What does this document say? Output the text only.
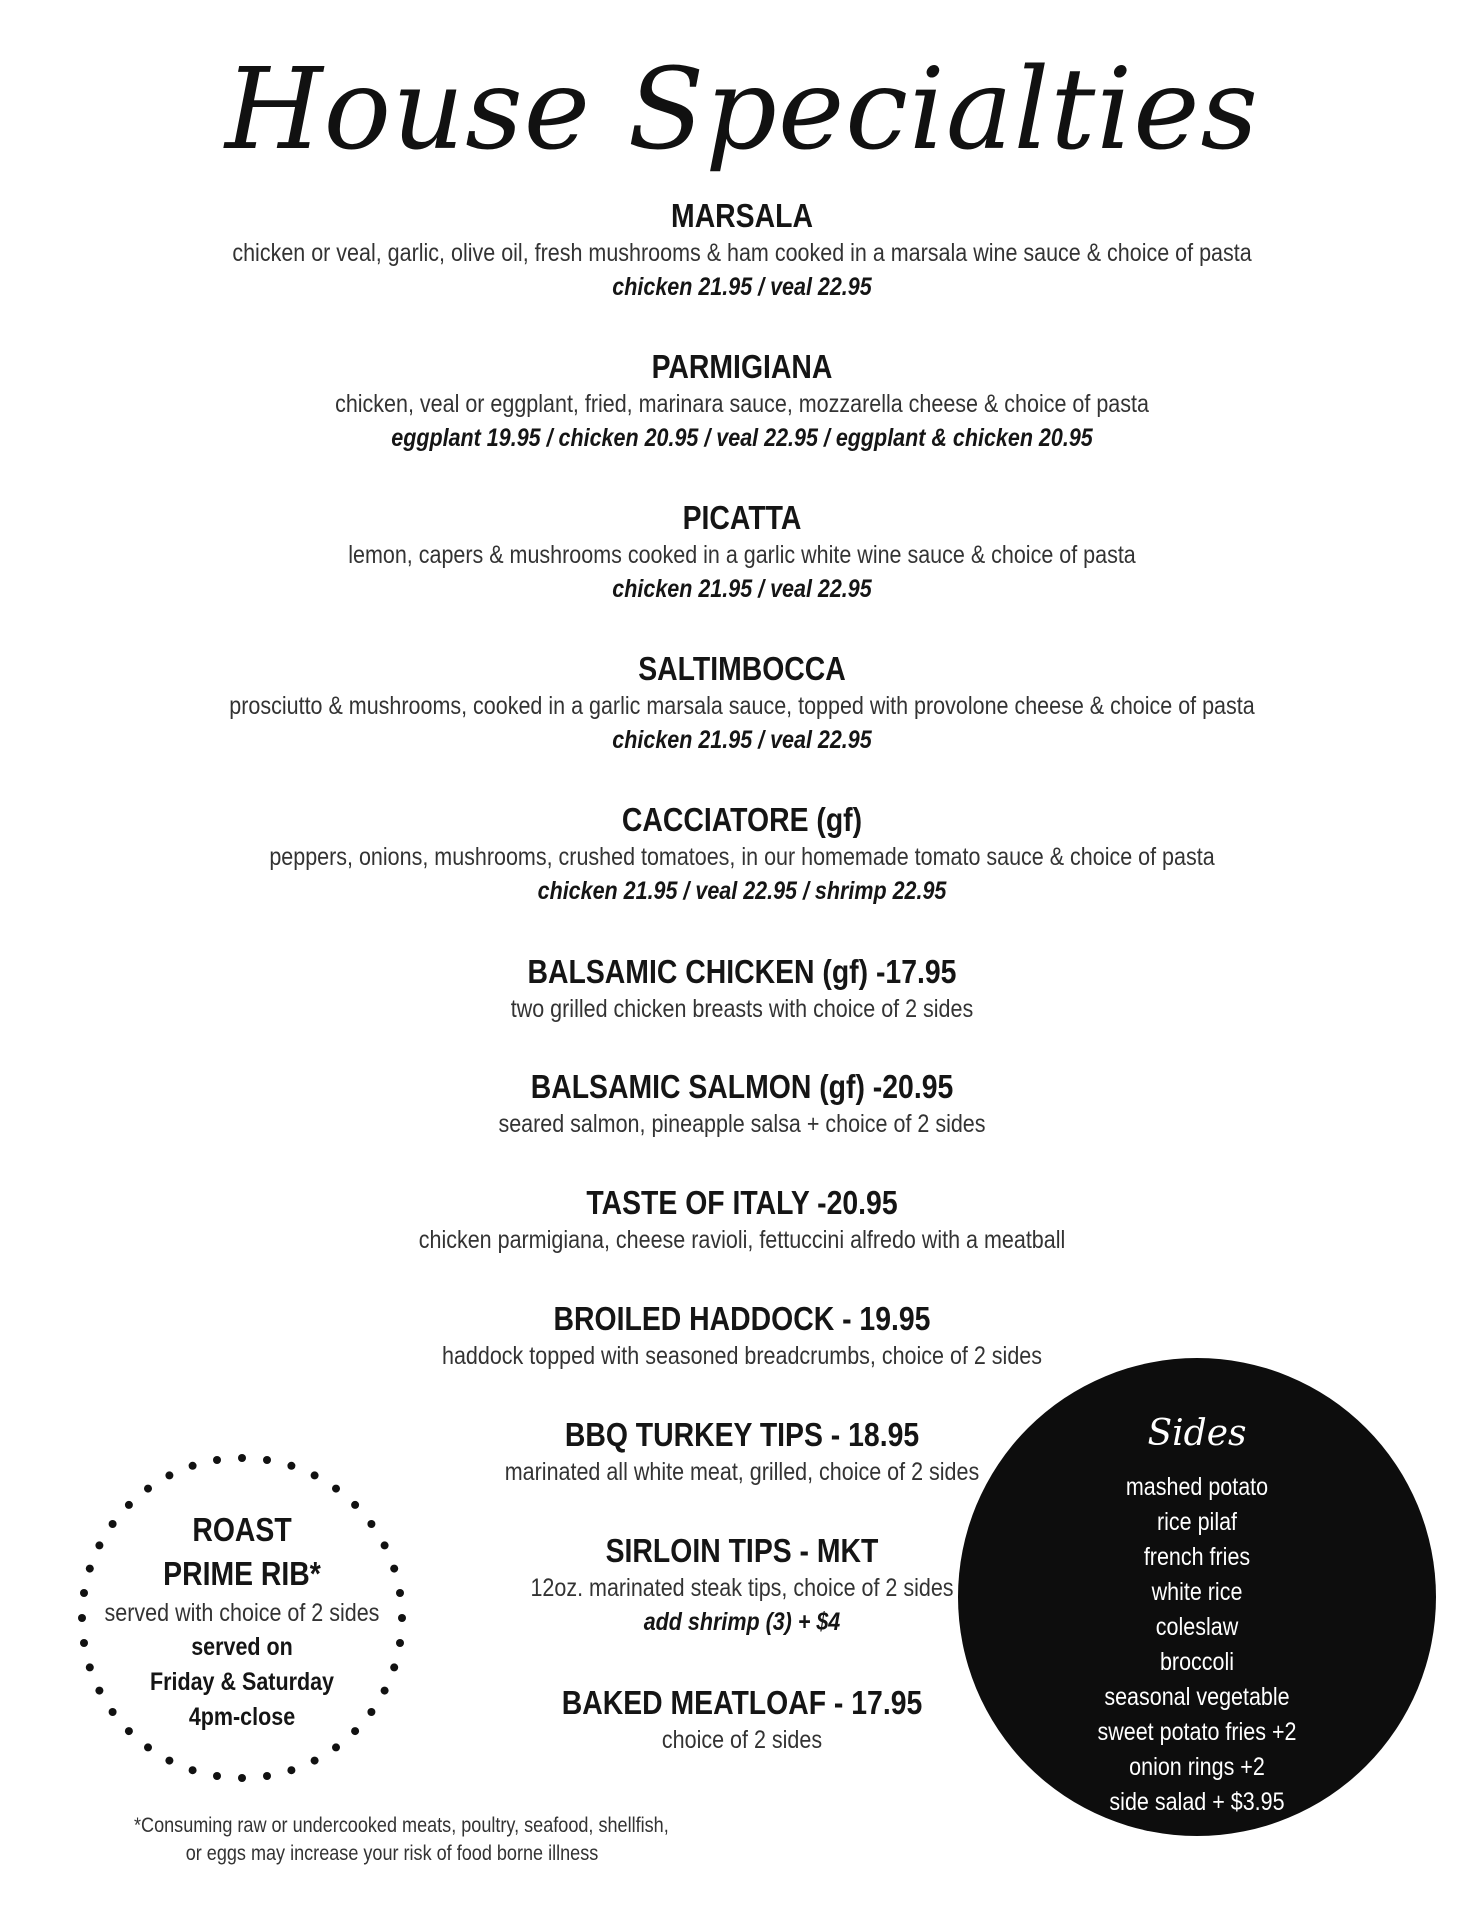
House Specialties
MARSALA
chicken or veal, garlic, olive oil, fresh mushrooms & ham cooked in a marsala wine sauce & choice of pasta
chicken 21.95 / veal 22.95
PARMIGIANA
chicken, veal or eggplant, fried, marinara sauce, mozzarella cheese & choice of pasta
eggplant 19.95 / chicken 20.95 / veal 22.95 / eggplant & chicken 20.95
PICATTA
lemon, capers & mushrooms cooked in a garlic white wine sauce & choice of pasta
chicken 21.95 / veal 22.95
SALTIMBOCCA
prosciutto & mushrooms, cooked in a garlic marsala sauce, topped with provolone cheese & choice of pasta
chicken 21.95 / veal 22.95
CACCIATORE (gf)
peppers, onions, mushrooms, crushed tomatoes, in our homemade tomato sauce & choice of pasta
chicken 21.95 / veal 22.95 / shrimp 22.95
BALSAMIC CHICKEN (gf) -17.95
two grilled chicken breasts with choice of 2 sides
BALSAMIC SALMON (gf) -20.95
seared salmon, pineapple salsa + choice of 2 sides
TASTE OF ITALY -20.95
chicken parmigiana, cheese ravioli, fettuccini alfredo with a meatball
BROILED HADDOCK - 19.95
haddock topped with seasoned breadcrumbs, choice of 2 sides
BBQ TURKEY TIPS - 18.95
marinated all white meat, grilled, choice of 2 sides
SIRLOIN TIPS - MKT
12oz. marinated steak tips, choice of 2 sides
add shrimp (3) + $4
BAKED MEATLOAF - 17.95
choice of 2 sides
ROAST
PRIME RIB*
served with choice of 2 sides
served on
Friday & Saturday
4pm-close
Sides
mashed potato
rice pilaf
french fries
white rice
coleslaw
broccoli
seasonal vegetable
sweet potato fries +2
onion rings +2
side salad + $3.95
*Consuming raw or undercooked meats, poultry, seafood, shellfish,
or eggs may increase your risk of food borne illness
